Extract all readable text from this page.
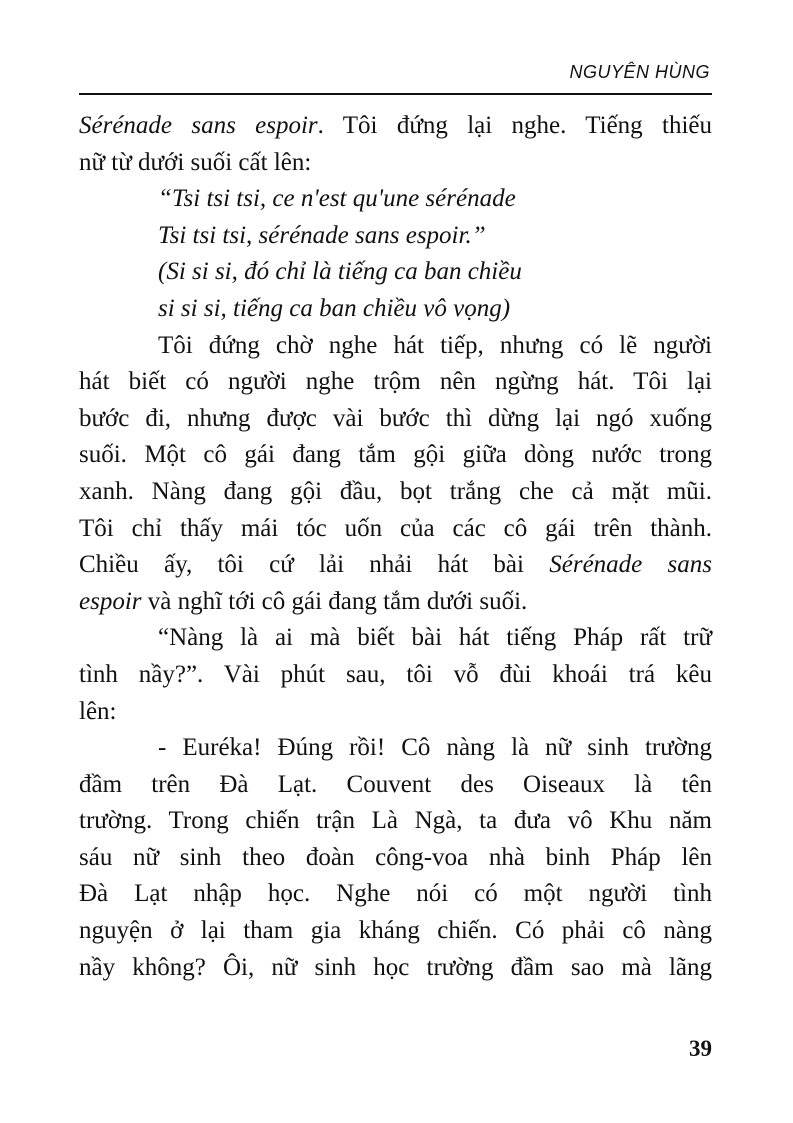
NGUYÊN HÙNG
Sérénade sans espoir. Tôi đứng lại nghe. Tiếng thiếu
nữ từ dưới suối cất lên:
“Tsi tsi tsi, ce n'est qu'une sérénade
Tsi tsi tsi, sérénade sans espoir.”
(Si si si, đó chỉ là tiếng ca ban chiều
si si si, tiếng ca ban chiều vô vọng)
Tôi đứng chờ nghe hát tiếp, nhưng có lẽ người
hát biết có người nghe trộm nên ngừng hát. Tôi lại
bước đi, nhưng được vài bước thì dừng lại ngó xuống
suối. Một cô gái đang tắm gội giữa dòng nước trong
xanh. Nàng đang gội đầu, bọt trắng che cả mặt mũi.
Tôi chỉ thấy mái tóc uốn của các cô gái trên thành.
Chiều ấy, tôi cứ lải nhải hát bài Sérénade sans
espoir và nghĩ tới cô gái đang tắm dưới suối.
“Nàng là ai mà biết bài hát tiếng Pháp rất trữ
tình nầy?”. Vài phút sau, tôi vỗ đùi khoái trá kêu
lên:
- Euréka! Đúng rồi! Cô nàng là nữ sinh trường
đầm trên Đà Lạt. Couvent des Oiseaux là tên
trường. Trong chiến trận Là Ngà, ta đưa vô Khu năm
sáu nữ sinh theo đoàn công-voa nhà binh Pháp lên
Đà Lạt nhập học. Nghe nói có một người tình
nguyện ở lại tham gia kháng chiến. Có phải cô nàng
nầy không? Ôi, nữ sinh học trường đầm sao mà lãng
39
